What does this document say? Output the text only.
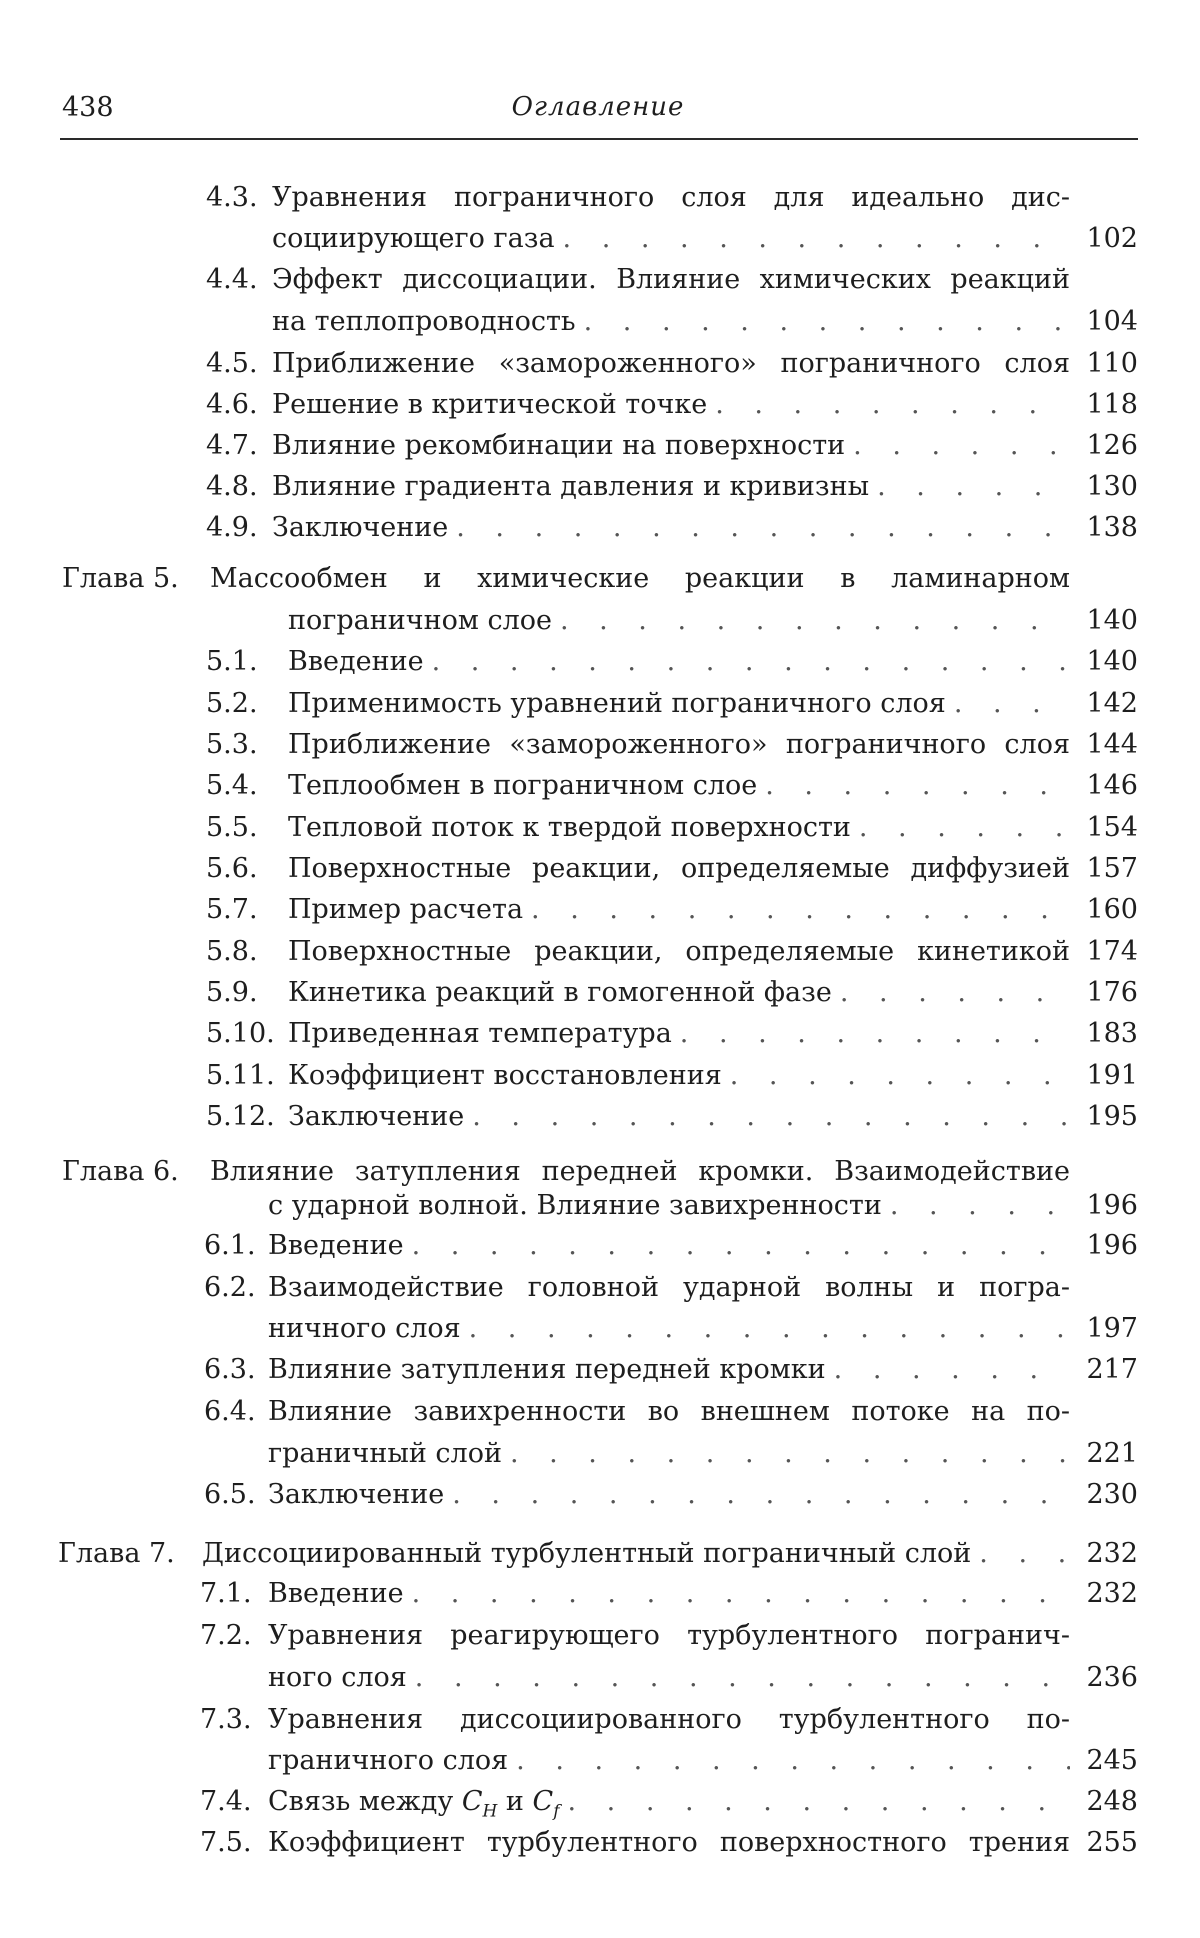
438	Оглавление
4.3. Уравнения пограничного слоя для идеально дис-
социирующего газа . . . . . . . . . . . . .	102
4.4. Эффект диссоциации. Влияние химических реакций
на теплопроводность . . . . . . . . . . . .	104
4.5. Приближение «замороженного» пограничного слоя 110
4.6. Решение в критической точке . . . . . . . . .	118
4.7. Влияние рекомбинации на поверхности . . . . . . 126
4.8. Влияние градиента давления и кривизны . . . . .	130
4.9. Заключение . . . . . . . . . . . . . . . . 138
Глава 5. Массообмен и химические реакции в ламинарном
пограничном слое . . . . . . . . . . . . .	140
5.1. Введение . . . . . . . . . . . . . . . .	140
5.2. Применимость уравнений пограничного слоя . . .	142
5.3. Приближение «замороженного» пограничного слоя 144
5.4. Теплообмен в пограничном слое . . . . . . . .	146
5.5. Тепловой поток к твердой поверхности . . . . .	154
5.6. Поверхностные реакции, определяемые диффузией 157
5.7. Пример расчета . . . . . . . . . . . . . . 160
5.8. Поверхностные реакции, определяемые кинетикой 174
5.9. Кинетика реакций в гомогенной фазе . . . . . .	176
5.10. Приведенная температура . . . . . . . . . .	183
5.11. Коэффициент восстановления . . . . . . . . . 191
5.12. Заключение . . . . . . . . . . . . . . .	195
Глава 6. Влияние затупления передней кромки. Взаимодействие
с ударной волной. Влияние завихренности . . . . . 196
6.1. Введение . . . . . . . . . . . . . . . . .	196
6.2. Взаимодействие головной ударной волны и погра-
ничного слоя . . . . . . . . . . . . . . .	197
6.3. Влияние затупления передней кромки . . . . . .	217
6.4. Влияние завихренности во внешнем потоке на по-
граничный слой . . . . . . . . . . . . . .	221
6.5. Заключение . . . . . . . . . . . . . . . .	230
Глава 7. Диссоциированный турбулентный пограничный слой . .	232
7.1. Введение . . . . . . . . . . . . . . . . .	232
7.2. Уравнения реагирующего турбулентного погранич-
ного слоя . . . . . . . . . . . . . . . . . 236
7.3. Уравнения диссоциированного турбулентного по-
граничного слоя . . . . . . . . . . . . . .	245
7.4. Связь между CH и Cf . . . . . . . . . . . . .	248
7.5. Коэффициент турбулентного поверхностного трения 255
